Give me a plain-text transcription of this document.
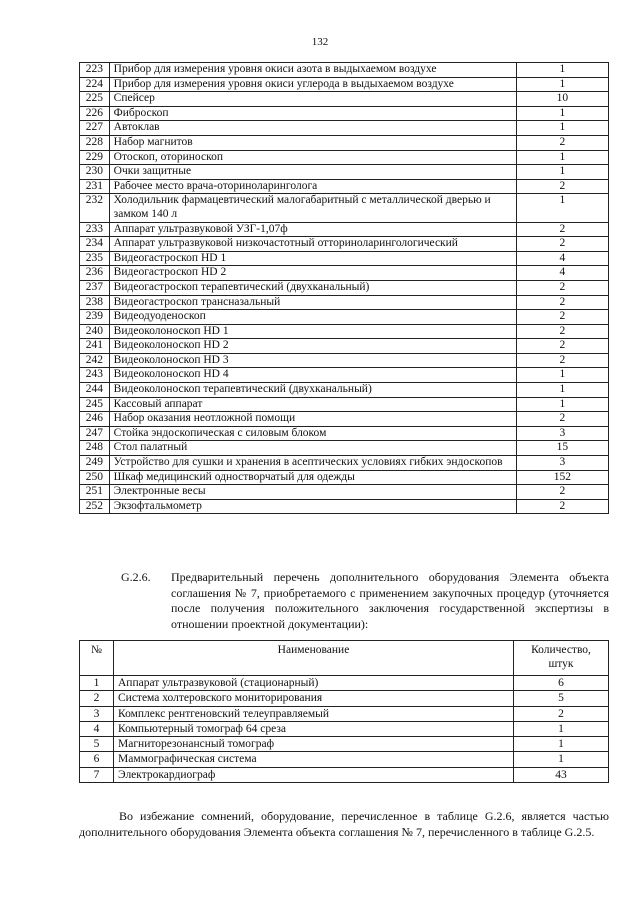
132
223	Прибор для измерения уровня окиси азота в выдыхаемом воздухе	1
224	Прибор для измерения уровня окиси углерода в выдыхаемом воздухе	1
225	Спейсер	10
226	Фиброскоп	1
227	Автоклав	1
228	Набор магнитов	2
229	Отоскоп, оториноскоп	1
230	Очки защитные	1
231	Рабочее место врача-оториноларинголога	2
232	Холодильник фармацевтический малогабаритный с металлической дверью и замком 140 л	1
233	Аппарат ультразвуковой УЗГ-1,07ф	2
234	Аппарат ультразвуковой низкочастотный отториноларингологический	2
235	Видеогастроскоп HD 1	4
236	Видеогастроскоп HD 2	4
237	Видеогастроскоп терапевтический (двухканальный)	2
238	Видеогастроскоп трансназальный	2
239	Видеодуоденоскоп	2
240	Видеоколоноскоп HD 1	2
241	Видеоколоноскоп HD 2	2
242	Видеоколоноскоп HD 3	2
243	Видеоколоноскоп HD 4	1
244	Видеоколоноскоп терапевтический (двухканальный)	1
245	Кассовый аппарат	1
246	Набор оказания неотложной помощи	2
247	Стойка эндоскопическая с силовым блоком	3
248	Стол палатный	15
249	Устройство для сушки и хранения в асептических условиях гибких эндоскопов	3
250	Шкаф медицинский одностворчатый для одежды	152
251	Электронные весы	2
252	Экзофтальмометр	2
G.2.6. Предварительный перечень дополнительного оборудования Элемента объекта соглашения № 7, приобретаемого с применением закупочных процедур (уточняется после получения положительного заключения государственной экспертизы в отношении проектной документации):
№	Наименование	Количество, штук
1	Аппарат ультразвуковой (стационарный)	6
2	Система холтеровского мониторирования	5
3	Комплекс рентгеновский телеуправляемый	2
4	Компьютерный томограф 64 среза	1
5	Магниторезонансный томограф	1
6	Маммографическая система	1
7	Электрокардиограф	43

Во избежание сомнений, оборудование, перечисленное в таблице G.2.6, является частью дополнительного оборудования Элемента объекта соглашения № 7, перечисленного в таблице G.2.5.
